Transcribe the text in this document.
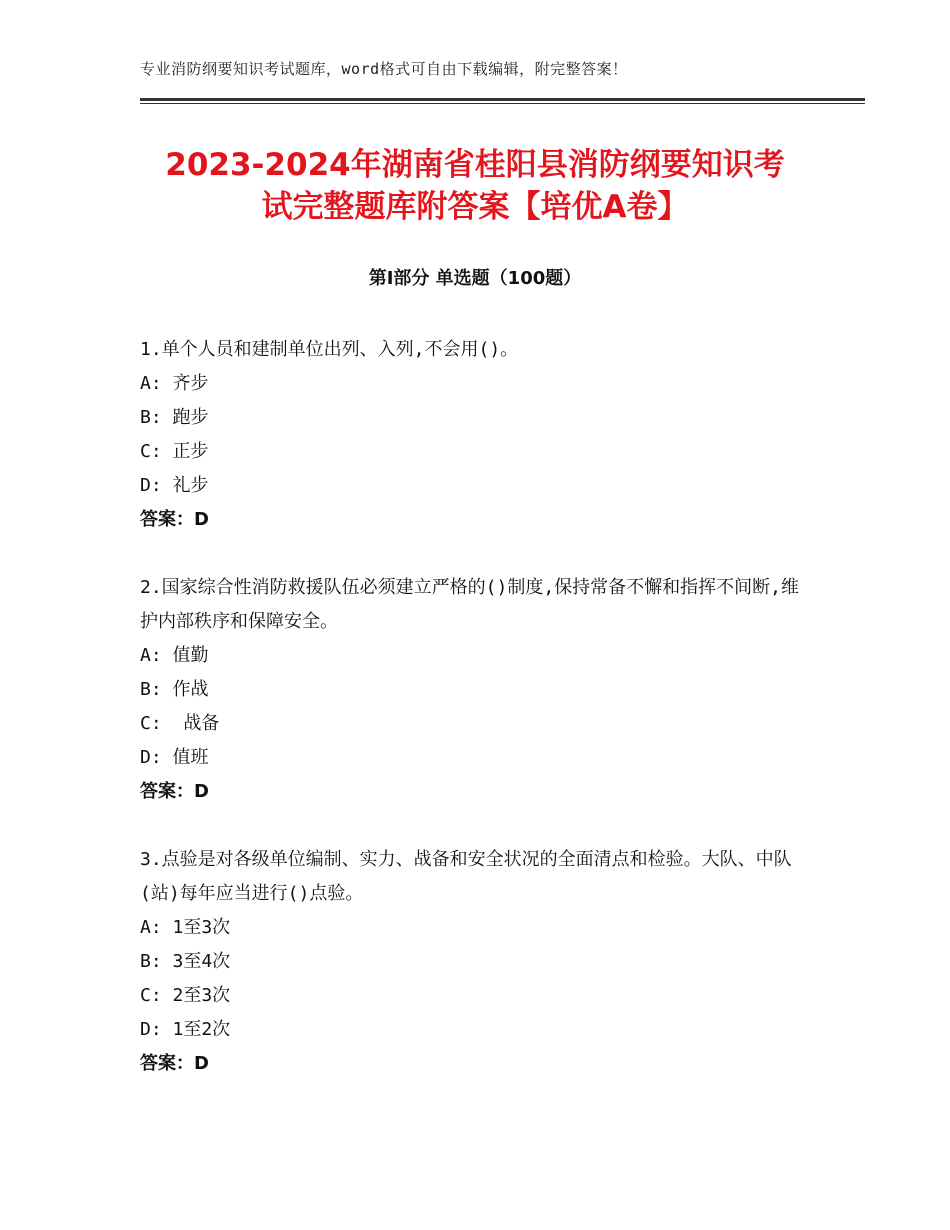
专业消防纲要知识考试题库，word格式可自由下载编辑，附完整答案！
2023-2024年湖南省桂阳县消防纲要知识考
试完整题库附答案【培优A卷】
第Ⅰ部分 单选题（100题）

1.单个人员和建制单位出列、入列,不会用()。

A: 齐步
B: 跑步
C: 正步
D: 礼步
答案：D

2.国家综合性消防救援队伍必须建立严格的()制度,保持常备不懈和指挥不间断,维护内部秩序和保障安全。

A: 值勤
B: 作战
C:  战备
D: 值班
答案：D

3.点验是对各级单位编制、实力、战备和安全状况的全面清点和检验。大队、中队(站)每年应当进行()点验。

A: 1至3次
B: 3至4次
C: 2至3次
D: 1至2次
答案：D
